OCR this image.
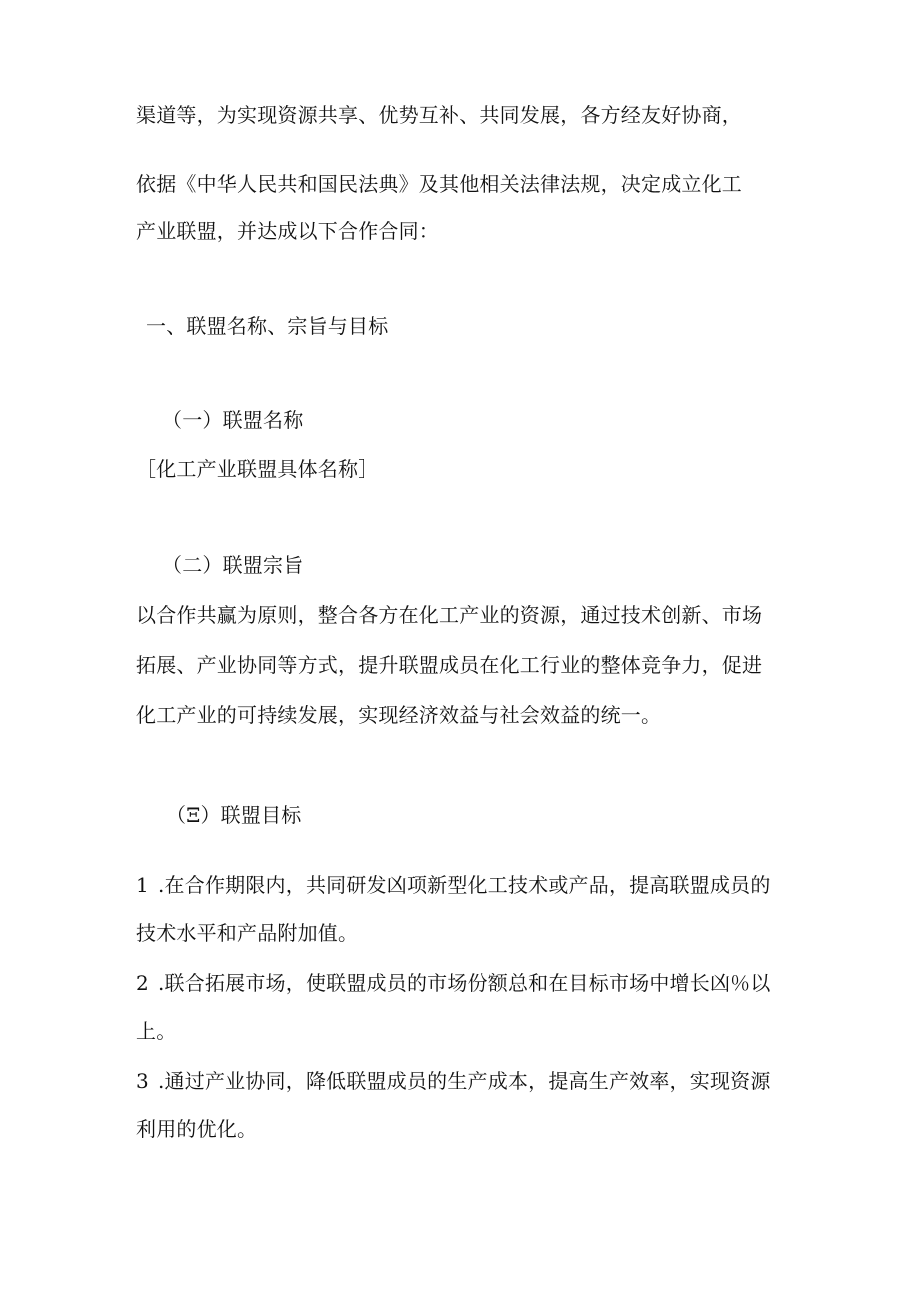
渠道等，为实现资源共享、优势互补、共同发展，各方经友好协商，
依据《中华人民共和国民法典》及其他相关法律法规，决定成立化工
产业联盟，并达成以下合作合同：
一、联盟名称、宗旨与目标
（一）联盟名称
［化工产业联盟具体名称］
（二）联盟宗旨
以合作共赢为原则，整合各方在化工产业的资源，通过技术创新、市场
拓展、产业协同等方式，提升联盟成员在化工行业的整体竞争力，促进
化工产业的可持续发展，实现经济效益与社会效益的统一。
（Ξ）联盟目标
1 .在合作期限内，共同研发凶项新型化工技术或产品，提高联盟成员的
技术水平和产品附加值。
2 .联合拓展市场，使联盟成员的市场份额总和在目标市场中增长凶％以
上。
3 .通过产业协同，降低联盟成员的生产成本，提高生产效率，实现资源
利用的优化。
